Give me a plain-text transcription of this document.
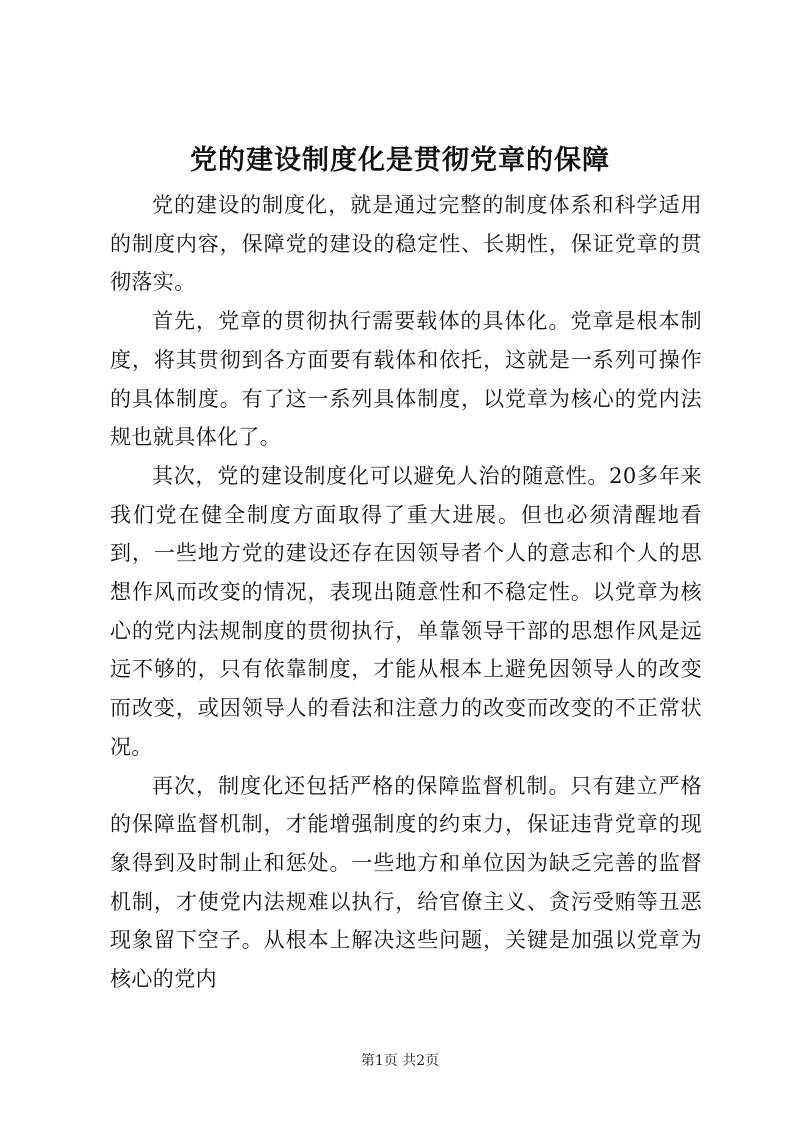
党的建设制度化是贯彻党章的保障

党的建设的制度化，就是通过完整的制度体系和科学适用的制度内容，保障党的建设的稳定性、长期性，保证党章的贯彻落实。

首先，党章的贯彻执行需要载体的具体化。党章是根本制度，将其贯彻到各方面要有载体和依托，这就是一系列可操作的具体制度。有了这一系列具体制度，以党章为核心的党内法规也就具体化了。

其次，党的建设制度化可以避免人治的随意性。20多年来我们党在健全制度方面取得了重大进展。但也必须清醒地看到，一些地方党的建设还存在因领导者个人的意志和个人的思想作风而改变的情况，表现出随意性和不稳定性。以党章为核心的党内法规制度的贯彻执行，单靠领导干部的思想作风是远远不够的，只有依靠制度，才能从根本上避免因领导人的改变而改变，或因领导人的看法和注意力的改变而改变的不正常状况。

再次，制度化还包括严格的保障监督机制。只有建立严格的保障监督机制，才能增强制度的约束力，保证违背党章的现象得到及时制止和惩处。一些地方和单位因为缺乏完善的监督机制，才使党内法规难以执行，给官僚主义、贪污受贿等丑恶现象留下空子。从根本上解决这些问题，关键是加强以党章为核心的党内

第1页 共2页
